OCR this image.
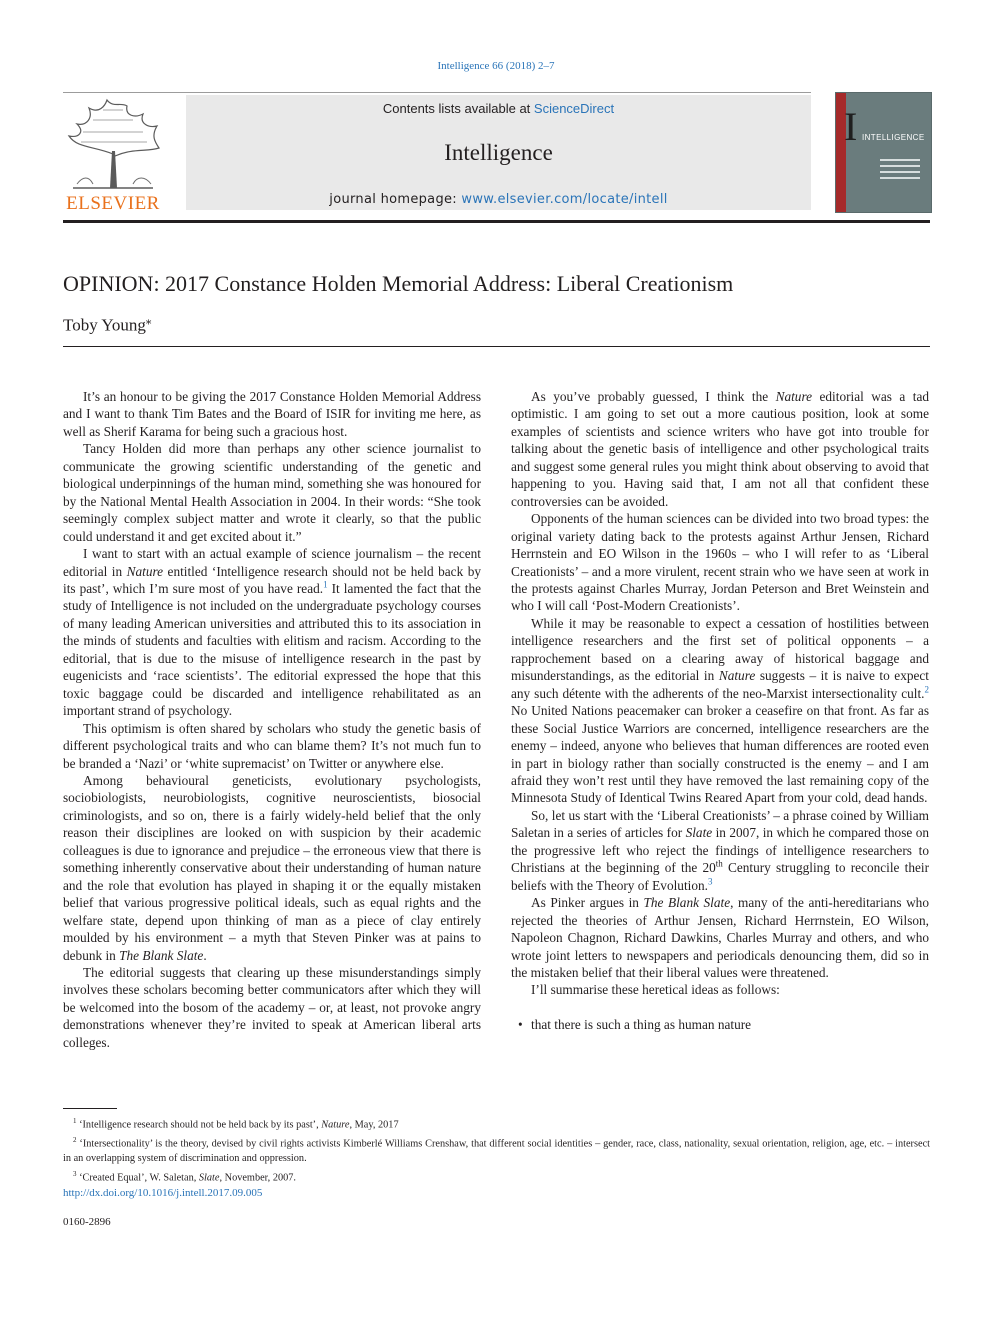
Intelligence 66 (2018) 2–7
ELSEVIER
Contents lists available at ScienceDirect
Intelligence
journal homepage: www.elsevier.com/locate/intell
I INTELLIGENCE
OPINION: 2017 Constance Holden Memorial Address: Liberal Creationism
Toby Young⁎

It’s an honour to be giving the 2017 Constance Holden Memorial Address and I want to thank Tim Bates and the Board of ISIR for inviting me here, as well as Sherif Karama for being such a gracious host.

Tancy Holden did more than perhaps any other science journalist to communicate the growing scientific understanding of the genetic and biological underpinnings of the human mind, something she was honoured for by the National Mental Health Association in 2004. In their words: “She took seemingly complex subject matter and wrote it clearly, so that the public could understand it and get excited about it.”

I want to start with an actual example of science journalism – the recent editorial in Nature entitled ‘Intelligence research should not be held back by its past’, which I’m sure most of you have read.$^1$ It lamented the fact that the study of Intelligence is not included on the undergraduate psychology courses of many leading American universities and attributed this to its association in the minds of students and faculties with elitism and racism. According to the editorial, that is due to the misuse of intelligence research in the past by eugenicists and ‘race scientists’. The editorial expressed the hope that this toxic baggage could be discarded and intelligence rehabilitated as an important strand of psychology.

This optimism is often shared by scholars who study the genetic basis of different psychological traits and who can blame them? It’s not much fun to be branded a ‘Nazi’ or ‘white supremacist’ on Twitter or anywhere else.

Among behavioural geneticists, evolutionary psychologists, sociobiologists, neurobiologists, cognitive neuroscientists, biosocial criminologists, and so on, there is a fairly widely-held belief that the only reason their disciplines are looked on with suspicion by their academic colleagues is due to ignorance and prejudice – the erroneous view that there is something inherently conservative about their understanding of human nature and the role that evolution has played in shaping it or the equally mistaken belief that various progressive political ideals, such as equal rights and the welfare state, depend upon thinking of man as a piece of clay entirely moulded by his environment – a myth that Steven Pinker was at pains to debunk in The Blank Slate.

The editorial suggests that clearing up these misunderstandings simply involves these scholars becoming better communicators after which they will be welcomed into the bosom of the academy – or, at least, not provoke angry demonstrations whenever they’re invited to speak at American liberal arts colleges.

As you’ve probably guessed, I think the Nature editorial was a tad optimistic. I am going to set out a more cautious position, look at some examples of scientists and science writers who have got into trouble for talking about the genetic basis of intelligence and other psychological traits and suggest some general rules you might think about observing to avoid that happening to you. Having said that, I am not all that confident these controversies can be avoided.

Opponents of the human sciences can be divided into two broad types: the original variety dating back to the protests against Arthur Jensen, Richard Herrnstein and EO Wilson in the 1960s – who I will refer to as ‘Liberal Creationists’ – and a more virulent, recent strain who we have seen at work in the protests against Charles Murray, Jordan Peterson and Bret Weinstein and who I will call ‘Post-Modern Creationists’.

While it may be reasonable to expect a cessation of hostilities between intelligence researchers and the first set of political opponents – a rapprochement based on a clearing away of historical baggage and misunderstandings, as the editorial in Nature suggests – it is naive to expect any such détente with the adherents of the neo-Marxist intersectionality cult.$^2$ No United Nations peacemaker can broker a ceasefire on that front. As far as these Social Justice Warriors are concerned, intelligence researchers are the enemy – indeed, anyone who believes that human differences are rooted even in part in biology rather than socially constructed is the enemy – and I am afraid they won’t rest until they have removed the last remaining copy of the Minnesota Study of Identical Twins Reared Apart from your cold, dead hands.

So, let us start with the ‘Liberal Creationists’ – a phrase coined by William Saletan in a series of articles for Slate in 2007, in which he compared those on the progressive left who reject the findings of intelligence researchers to Christians at the beginning of the 20th Century struggling to reconcile their beliefs with the Theory of Evolution.$^3$

As Pinker argues in The Blank Slate, many of the anti-hereditarians who rejected the theories of Arthur Jensen, Richard Herrnstein, EO Wilson, Napoleon Chagnon, Richard Dawkins, Charles Murray and others, and who wrote joint letters to newspapers and periodicals denouncing them, did so in the mistaken belief that their liberal values were threatened.

I’ll summarise these heretical ideas as follows:

• that there is such a thing as human nature

$^1$ ‘Intelligence research should not be held back by its past’, Nature, May, 2017

$^2$ ‘Intersectionality’ is the theory, devised by civil rights activists Kimberlé Williams Crenshaw, that different social identities – gender, race, class, nationality, sexual orientation, religion, age, etc. – intersect in an overlapping system of discrimination and oppression.

$^3$ ‘Created Equal’, W. Saletan, Slate, November, 2007.

http://dx.doi.org/10.1016/j.intell.2017.09.005
0160-2896
